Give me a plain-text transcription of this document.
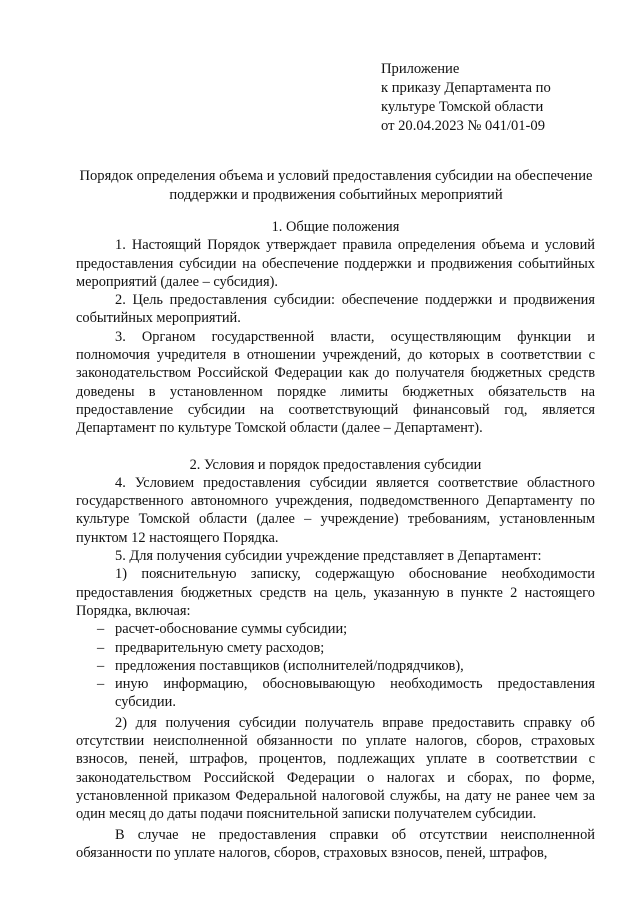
Приложение
к приказу Департамента по
культуре Томской области
от 20.04.2023 № 041/01-09
Порядок определения объема и условий предоставления субсидии на обеспечение поддержки и продвижения событийных мероприятий

1. Общие положения

1. Настоящий Порядок утверждает правила определения объема и условий предоставления субсидии на обеспечение поддержки и продвижения событийных мероприятий (далее – субсидия).

2. Цель предоставления субсидии: обеспечение поддержки и продвижения событийных мероприятий.

3. Органом государственной власти, осуществляющим функции и полномочия учредителя в отношении учреждений, до которых в соответствии с законодательством Российской Федерации как до получателя бюджетных средств доведены в установленном порядке лимиты бюджетных обязательств на предоставление субсидии на соответствующий финансовый год, является Департамент по культуре Томской области (далее – Департамент).

2. Условия и порядок предоставления субсидии

4. Условием предоставления субсидии является соответствие областного государственного автономного учреждения, подведомственного Департаменту по культуре Томской области (далее – учреждение) требованиям, установленным пунктом 12 настоящего Порядка.

5. Для получения субсидии учреждение представляет в Департамент:

1) пояснительную записку, содержащую обоснование необходимости предоставления бюджетных средств на цель, указанную в пункте 2 настоящего Порядка, включая:

– расчет-обоснование суммы субсидии;
– предварительную смету расходов;
– предложения поставщиков (исполнителей/подрядчиков),
– иную информацию, обосновывающую необходимость предоставления субсидии.

2) для получения субсидии получатель вправе предоставить справку об отсутствии неисполненной обязанности по уплате налогов, сборов, страховых взносов, пеней, штрафов, процентов, подлежащих уплате в соответствии с законодательством Российской Федерации о налогах и сборах, по форме, установленной приказом Федеральной налоговой службы, на дату не ранее чем за один месяц до даты подачи пояснительной записки получателем субсидии.

В случае не предоставления справки об отсутствии неисполненной обязанности по уплате налогов, сборов, страховых взносов, пеней, штрафов,
